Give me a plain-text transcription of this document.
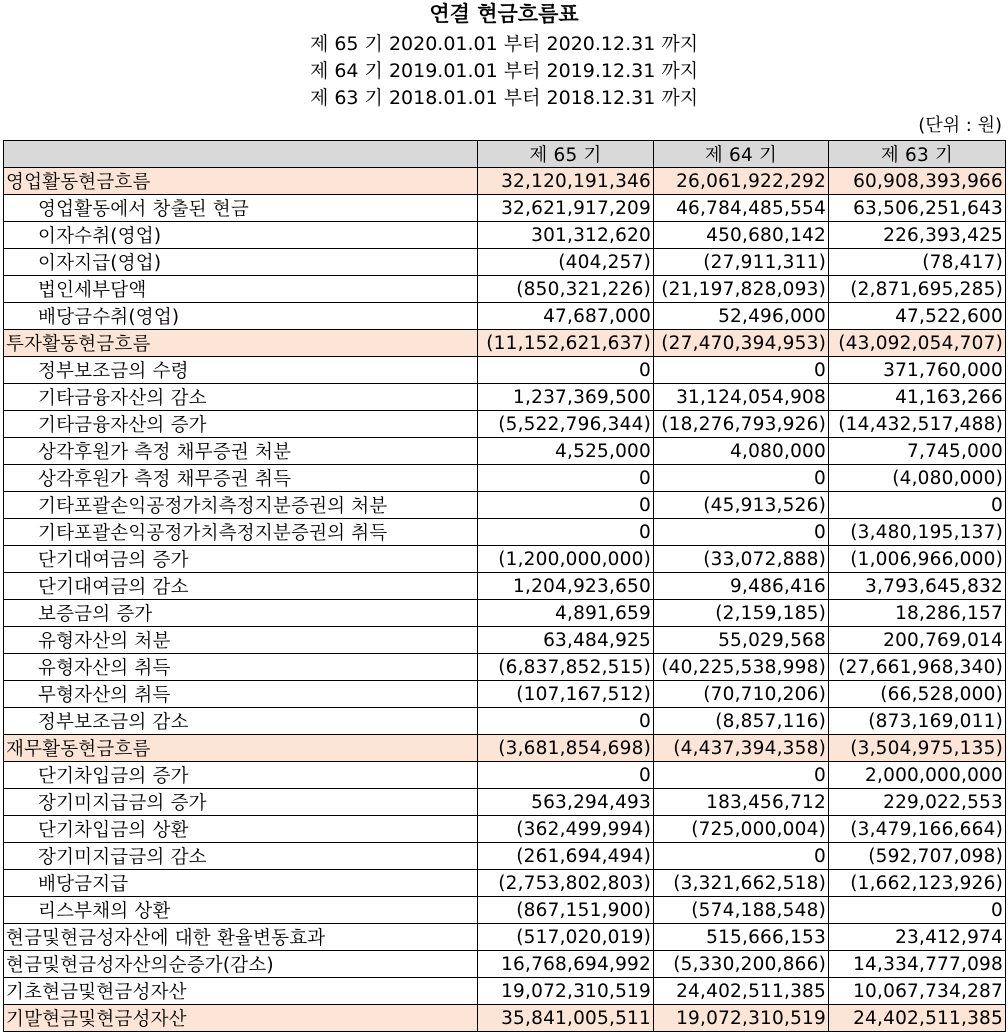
연결 현금흐름표
제 65 기 2020.01.01 부터 2020.12.31 까지
제 64 기 2019.01.01 부터 2019.12.31 까지
제 63 기 2018.01.01 부터 2018.12.31 까지
(단위 : 원)
	제 65 기	제 64 기	제 63 기
영업활동현금흐름	32,120,191,346	26,061,922,292	60,908,393,966
영업활동에서 창출된 현금	32,621,917,209	46,784,485,554	63,506,251,643
이자수취(영업)	301,312,620	450,680,142	226,393,425
이자지급(영업)	(404,257)	(27,911,311)	(78,417)
법인세부담액	(850,321,226)	(21,197,828,093)	(2,871,695,285)
배당금수취(영업)	47,687,000	52,496,000	47,522,600
투자활동현금흐름	(11,152,621,637)	(27,470,394,953)	(43,092,054,707)
정부보조금의 수령	0	0	371,760,000
기타금융자산의 감소	1,237,369,500	31,124,054,908	41,163,266
기타금융자산의 증가	(5,522,796,344)	(18,276,793,926)	(14,432,517,488)
상각후원가 측정 채무증권 처분	4,525,000	4,080,000	7,745,000
상각후원가 측정 채무증권 취득	0	0	(4,080,000)
기타포괄손익공정가치측정지분증권의 처분	0	(45,913,526)	0
기타포괄손익공정가치측정지분증권의 취득	0	0	(3,480,195,137)
단기대여금의 증가	(1,200,000,000)	(33,072,888)	(1,006,966,000)
단기대여금의 감소	1,204,923,650	9,486,416	3,793,645,832
보증금의 증가	4,891,659	(2,159,185)	18,286,157
유형자산의 처분	63,484,925	55,029,568	200,769,014
유형자산의 취득	(6,837,852,515)	(40,225,538,998)	(27,661,968,340)
무형자산의 취득	(107,167,512)	(70,710,206)	(66,528,000)
정부보조금의 감소	0	(8,857,116)	(873,169,011)
재무활동현금흐름	(3,681,854,698)	(4,437,394,358)	(3,504,975,135)
단기차입금의 증가	0	0	2,000,000,000
장기미지급금의 증가	563,294,493	183,456,712	229,022,553
단기차입금의 상환	(362,499,994)	(725,000,004)	(3,479,166,664)
장기미지급금의 감소	(261,694,494)	0	(592,707,098)
배당금지급	(2,753,802,803)	(3,321,662,518)	(1,662,123,926)
리스부채의 상환	(867,151,900)	(574,188,548)	0
현금및현금성자산에 대한 환율변동효과	(517,020,019)	515,666,153	23,412,974
현금및현금성자산의순증가(감소)	16,768,694,992	(5,330,200,866)	14,334,777,098
기초현금및현금성자산	19,072,310,519	24,402,511,385	10,067,734,287
기말현금및현금성자산	35,841,005,511	19,072,310,519	24,402,511,385
